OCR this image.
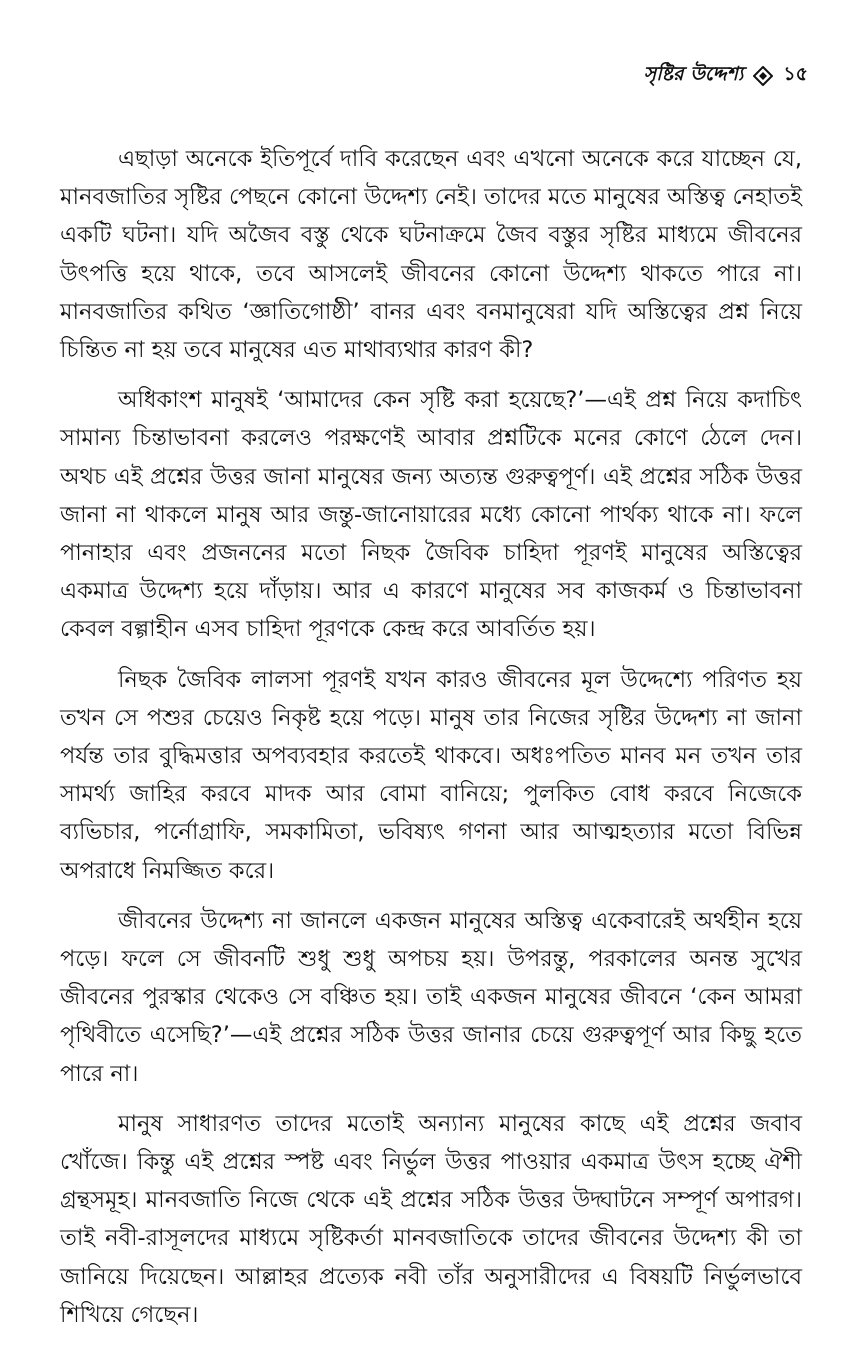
সৃষ্টির উদ্দেশ্য ১৫

এছাড়া অনেকে ইতিপূর্বে দাবি করেছেন এবং এখনো অনেকে করে যাচ্ছেন যে, মানবজাতির সৃষ্টির পেছনে কোনো উদ্দেশ্য নেই। তাদের মতে মানুষের অস্তিত্ব নেহাতই একটি ঘটনা। যদি অজৈব বস্তু থেকে ঘটনাক্রমে জৈব বস্তুর সৃষ্টির মাধ্যমে জীবনের উৎপত্তি হয়ে থাকে, তবে আসলেই জীবনের কোনো উদ্দেশ্য থাকতে পারে না। মানবজাতির কথিত ‘জ্ঞাতিগোষ্ঠী’ বানর এবং বনমানুষেরা যদি অস্তিত্বের প্রশ্ন নিয়ে চিন্তিত না হয় তবে মানুষের এত মাথাব্যথার কারণ কী?

অধিকাংশ মানুষই ‘আমাদের কেন সৃষ্টি করা হয়েছে?’—এই প্রশ্ন নিয়ে কদাচিৎ সামান্য চিন্তাভাবনা করলেও পরক্ষণেই আবার প্রশ্নটিকে মনের কোণে ঠেলে দেন। অথচ এই প্রশ্নের উত্তর জানা মানুষের জন্য অত্যন্ত গুরুত্বপূর্ণ। এই প্রশ্নের সঠিক উত্তর জানা না থাকলে মানুষ আর জন্তু-জানোয়ারের মধ্যে কোনো পার্থক্য থাকে না। ফলে পানাহার এবং প্রজননের মতো নিছক জৈবিক চাহিদা পূরণই মানুষের অস্তিত্বের একমাত্র উদ্দেশ্য হয়ে দাঁড়ায়। আর এ কারণে মানুষের সব কাজকর্ম ও চিন্তাভাবনা কেবল বল্গাহীন এসব চাহিদা পূরণকে কেন্দ্র করে আবর্তিত হয়।

নিছক জৈবিক লালসা পূরণই যখন কারও জীবনের মূল উদ্দেশ্যে পরিণত হয় তখন সে পশুর চেয়েও নিকৃষ্ট হয়ে পড়ে। মানুষ তার নিজের সৃষ্টির উদ্দেশ্য না জানা পর্যন্ত তার বুদ্ধিমত্তার অপব্যবহার করতেই থাকবে। অধঃপতিত মানব মন তখন তার সামর্থ্য জাহির করবে মাদক আর বোমা বানিয়ে; পুলকিত বোধ করবে নিজেকে ব্যভিচার, পর্নোগ্রাফি, সমকামিতা, ভবিষ্যৎ গণনা আর আত্মহত্যার মতো বিভিন্ন অপরাধে নিমজ্জিত করে।

জীবনের উদ্দেশ্য না জানলে একজন মানুষের অস্তিত্ব একেবারেই অর্থহীন হয়ে পড়ে। ফলে সে জীবনটি শুধু শুধু অপচয় হয়। উপরন্তু, পরকালের অনন্ত সুখের জীবনের পুরস্কার থেকেও সে বঞ্চিত হয়। তাই একজন মানুষের জীবনে ‘কেন আমরা পৃথিবীতে এসেছি?’—এই প্রশ্নের সঠিক উত্তর জানার চেয়ে গুরুত্বপূর্ণ আর কিছু হতে পারে না।

মানুষ সাধারণত তাদের মতোই অন্যান্য মানুষের কাছে এই প্রশ্নের জবাব খোঁজে। কিন্তু এই প্রশ্নের স্পষ্ট এবং নির্ভুল উত্তর পাওয়ার একমাত্র উৎস হচ্ছে ঐশী গ্রন্থসমূহ। মানবজাতি নিজে থেকে এই প্রশ্নের সঠিক উত্তর উদ্ঘাটনে সম্পূর্ণ অপারগ। তাই নবী-রাসূলদের মাধ্যমে সৃষ্টিকর্তা মানবজাতিকে তাদের জীবনের উদ্দেশ্য কী তা জানিয়ে দিয়েছেন। আল্লাহর প্রত্যেক নবী তাঁর অনুসারীদের এ বিষয়টি নির্ভুলভাবে শিখিয়ে গেছেন।
